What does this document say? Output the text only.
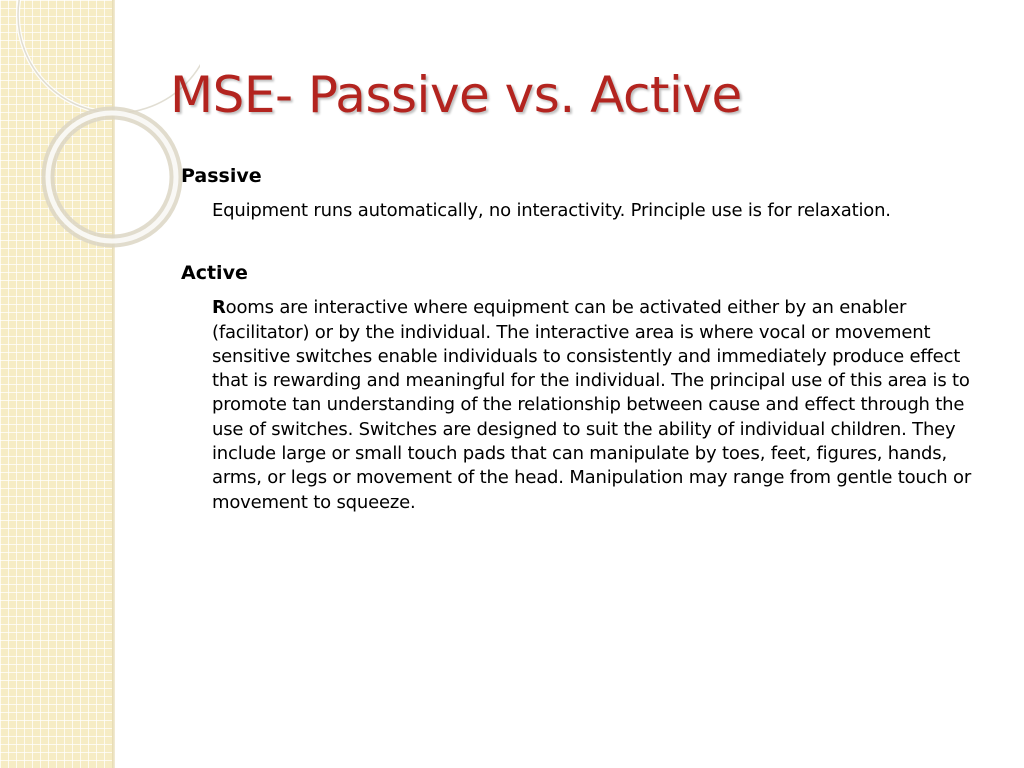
MSE- Passive vs. Active

Passive

Equipment runs automatically, no interactivity. Principle use is for relaxation.

Active

Rooms are interactive where equipment can be activated either by an enabler (facilitator) or by the individual. The interactive area is where vocal or movement sensitive switches enable individuals to consistently and immediately produce effect that is rewarding and meaningful for the individual. The principal use of this area is to promote tan understanding of the relationship between cause and effect through the use of switches. Switches are designed to suit the ability of individual children. They include large or small touch pads that can manipulate by toes, feet, figures, hands, arms, or legs or movement of the head. Manipulation may range from gentle touch or movement to squeeze.
